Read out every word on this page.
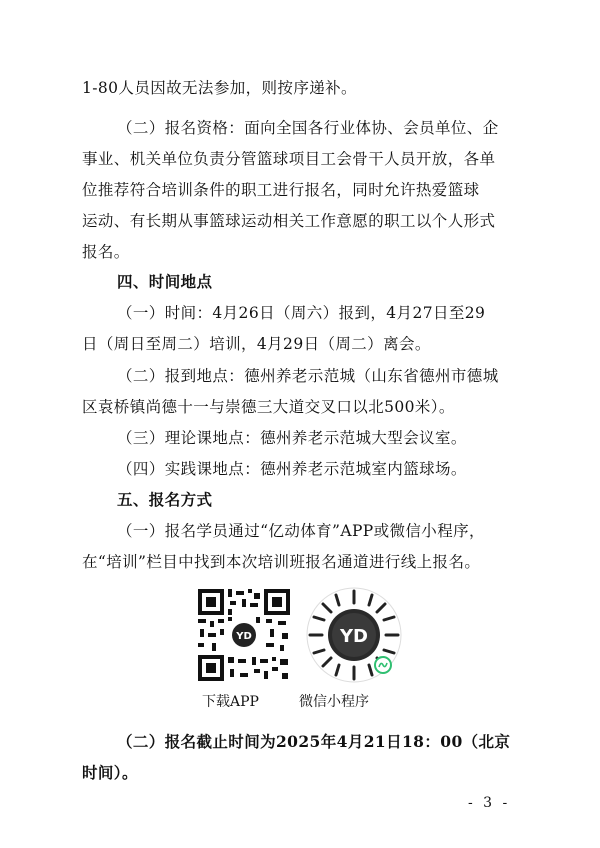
1-80人员因故无法参加，则按序递补。
（二）报名资格：面向全国各行业体协、会员单位、企
事业、机关单位负责分管篮球项目工会骨干人员开放，各单
位推荐符合培训条件的职工进行报名，同时允许热爱篮球
运动、有长期从事篮球运动相关工作意愿的职工以个人形式
报名。
四、时间地点
（一）时间：4月26日（周六）报到，4月27日至29
日（周日至周二）培训，4月29日（周二）离会。
（二）报到地点：德州养老示范城（山东省德州市德城
区袁桥镇尚德十一与崇德三大道交叉口以北500米）。
（三）理论课地点：德州养老示范城大型会议室。
（四）实践课地点：德州养老示范城室内篮球场。
五、报名方式
（一）报名学员通过“亿动体育”APP或微信小程序，
在“培训”栏目中找到本次培训班报名通道进行线上报名。
YD	YD
下载APP	微信小程序
（二）报名截止时间为2025年4月21日18：00（北京
时间）。
- 3 -
